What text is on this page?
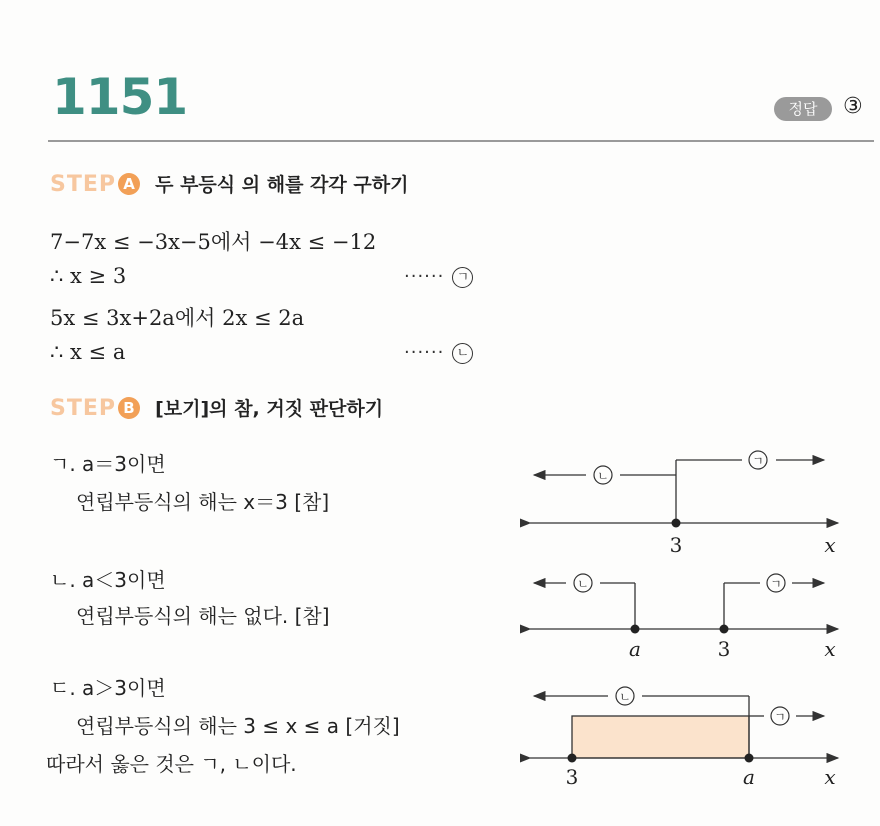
1151	정답	③
STEP A 두 부등식 의 해를 각각 구하기
7−7x ≤ −3x−5에서 −4x ≤ −12
∴ x ≥ 3	······ ㄱ
5x ≤ 3x+2a에서 2x ≤ 2a
∴ x ≤ a	······ ㄴ
STEP B [보기]의 참, 거짓 판단하기
ㄱ. a＝3이면
연립부등식의 해는 x＝3 [참]
ㄴ. a＜3이면
연립부등식의 해는 없다. [참]
ㄷ. a＞3이면
연립부등식의 해는 3 ≤ x ≤ a [거짓]
따라서 옳은 것은 ㄱ, ㄴ이다.
ㄱ
ㄴ
3	x
ㄴ	ㄱ
a	3	x
ㄴ
ㄱ
3	a	x
